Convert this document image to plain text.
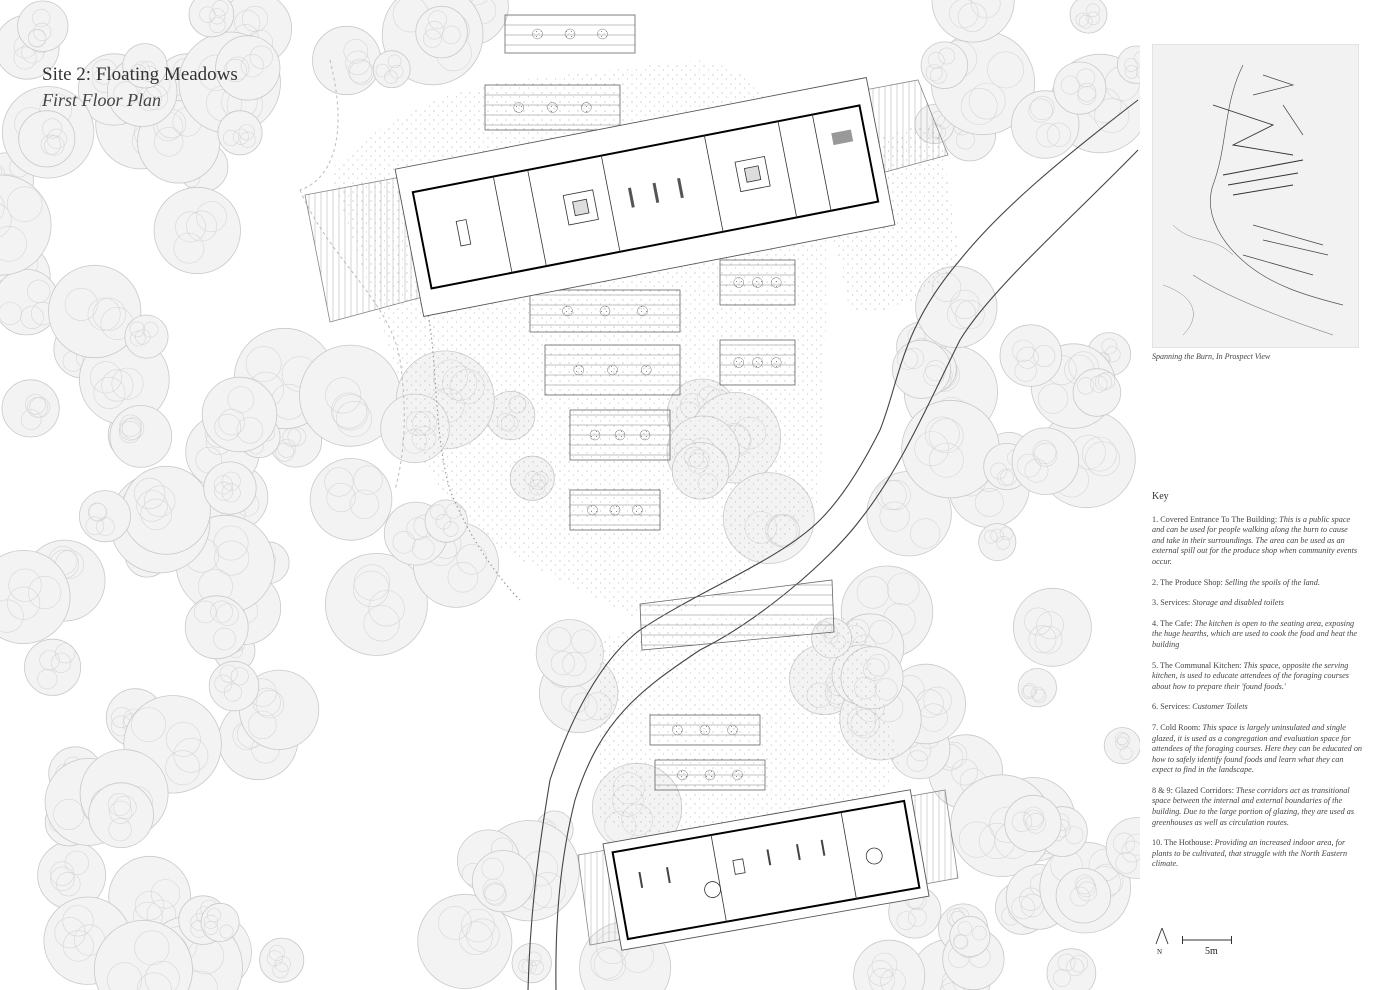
Site 2: Floating Meadows
First Floor Plan
Spanning the Burn, In Prospect View
Key
1. Covered Entrance To The Building: This is a public space and can be used for people walking along the burn to cause and take in their surroundings. The area can be used as an external spill out for the produce shop when community events occur.
2. The Produce Shop: Selling the spoils of the land.
3. Services: Storage and disabled toilets
4. The Cafe: The kitchen is open to the seating area, exposing the huge hearths, which are used to cook the food and heat the building
5. The Communal Kitchen: This space, opposite the serving kitchen, is used to educate attendees of the foraging courses about how to prepare their 'found foods.'
6. Services: Customer Toilets
7. Cold Room: This space is largely uninsulated and single glazed, it is used as a congregation and evaluation space for attendees of the foraging courses. Here they can be educated on how to safely identify found foods and learn what they can expect to find in the landscape.
8 & 9: Glazed Corridors: These corridors act as transitional space between the internal and external boundaries of the building. Due to the large portion of glazing, they are used as greenhouses as well as circulation routes.
10. The Hothouse: Providing an increased indoor area, for plants to be cultivated, that struggle with the North Eastern climate.
N	5m
